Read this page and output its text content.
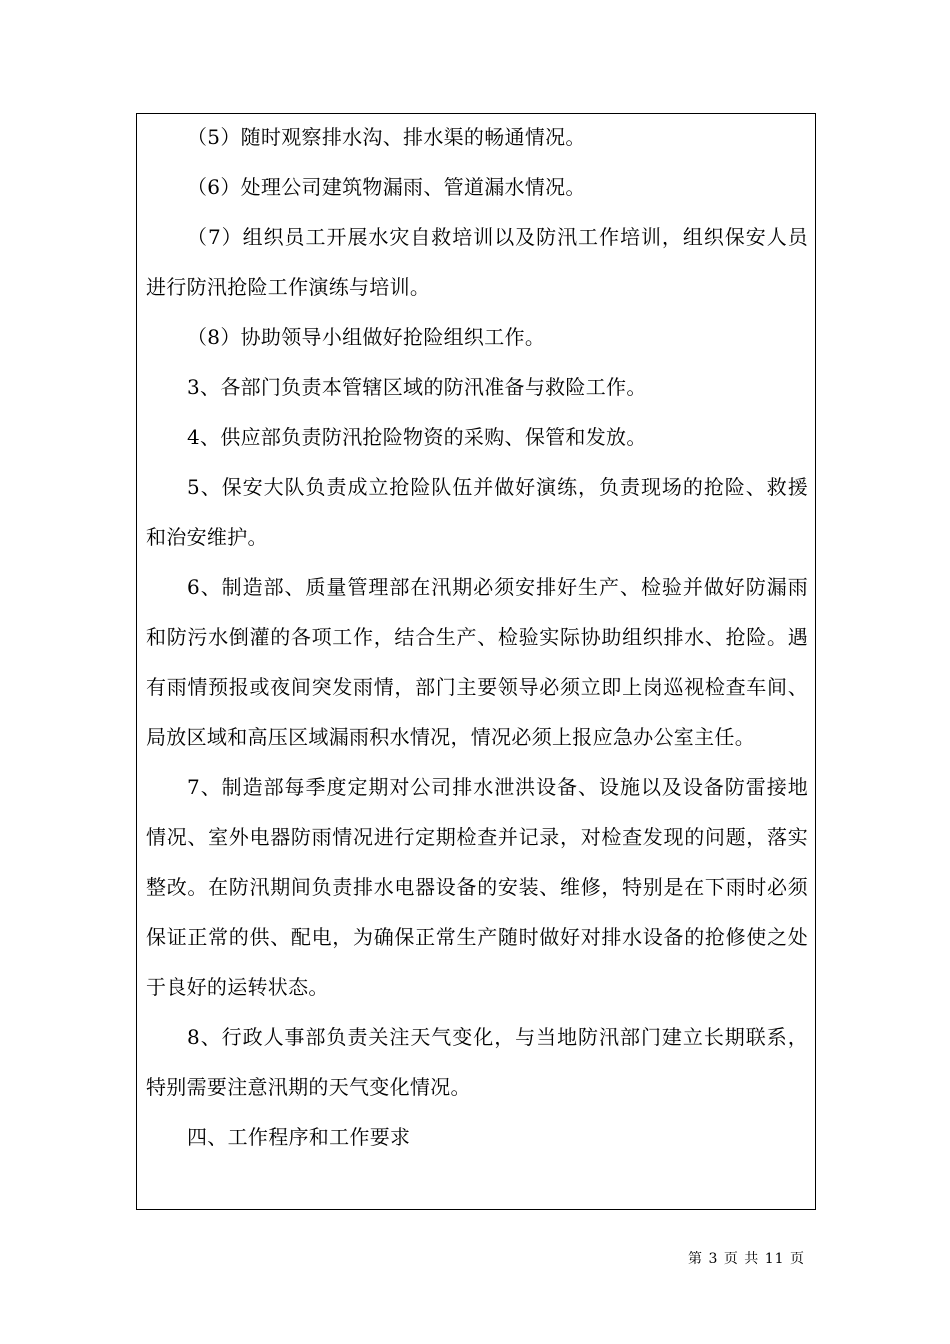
（5）随时观察排水沟、排水渠的畅通情况。

（6）处理公司建筑物漏雨、管道漏水情况。

（7）组织员工开展水灾自救培训以及防汛工作培训，组织保安人员进行防汛抢险工作演练与培训。

（8）协助领导小组做好抢险组织工作。

3、各部门负责本管辖区域的防汛准备与救险工作。

4、供应部负责防汛抢险物资的采购、保管和发放。

5、保安大队负责成立抢险队伍并做好演练，负责现场的抢险、救援和治安维护。

6、制造部、质量管理部在汛期必须安排好生产、检验并做好防漏雨和防污水倒灌的各项工作，结合生产、检验实际协助组织排水、抢险。遇有雨情预报或夜间突发雨情，部门主要领导必须立即上岗巡视检查车间、局放区域和高压区域漏雨积水情况，情况必须上报应急办公室主任。

7、制造部每季度定期对公司排水泄洪设备、设施以及设备防雷接地情况、室外电器防雨情况进行定期检查并记录，对检查发现的问题，落实整改。在防汛期间负责排水电器设备的安装、维修，特别是在下雨时必须保证正常的供、配电，为确保正常生产随时做好对排水设备的抢修使之处于良好的运转状态。

8、行政人事部负责关注天气变化，与当地防汛部门建立长期联系，特别需要注意汛期的天气变化情况。

四、工作程序和工作要求

第 3 页 共 11 页
